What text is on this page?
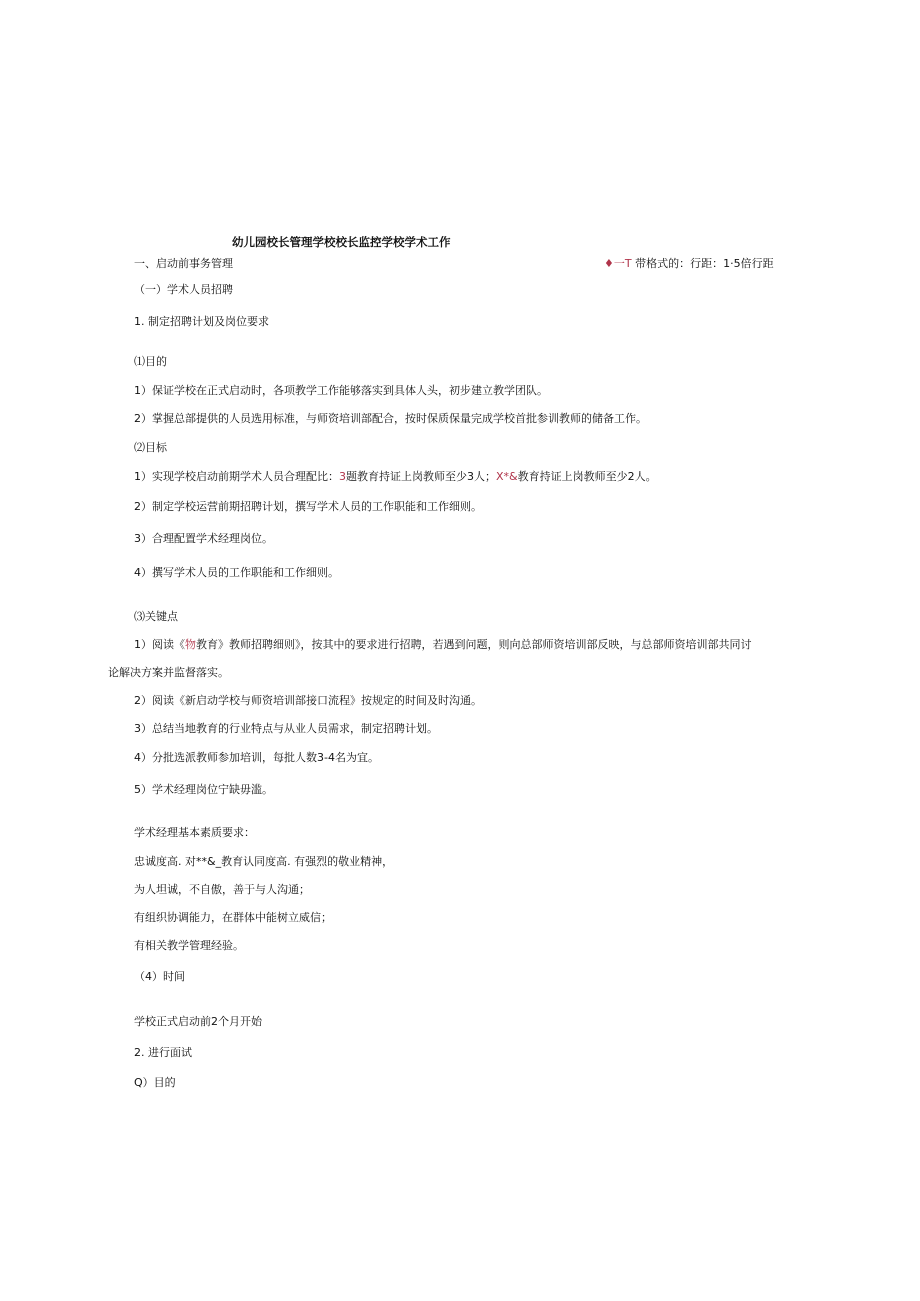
幼儿园校长管理学校校长监控学校学术工作
一、启动前事务管理	♦一T 带格式的：行距：1·5倍行距
（一）学术人员招聘
1. 制定招聘计划及岗位要求
⑴目的
1）保证学校在正式启动时，各项教学工作能够落实到具体人头，初步建立教学团队。
2）掌握总部提供的人员选用标准，与师资培训部配合，按时保质保量完成学校首批参训教师的储备工作。
⑵目标
1）实现学校启动前期学术人员合理配比：3题教育持证上岗教师至少3人；X*&教育持证上岗教师至少2人。
2）制定学校运营前期招聘计划，撰写学术人员的工作职能和工作细则。
3）合理配置学术经理岗位。
4）撰写学术人员的工作职能和工作细则。
⑶关键点
1）阅读《物教育》教师招聘细则》，按其中的要求进行招聘，若遇到问题，则向总部师资培训部反映，与总部师资培训部共同讨
论解决方案并监督落实。
2）阅读《新启动学校与师资培训部接口流程》按规定的时间及时沟通。
3）总结当地教育的行业特点与从业人员需求，制定招聘计划。
4）分批选派教师参加培训，每批人数3-4名为宜。
5）学术经理岗位宁缺毋滥。
学术经理基本素质要求：
忠诚度高. 对**&_教育认同度高. 有强烈的敬业精神，
为人坦诚，不自傲，善于与人沟通；
有组织协调能力，在群体中能树立威信；
有相关教学管理经验。
（4）时间
学校正式启动前2个月开始
2. 进行面试
Q）目的
